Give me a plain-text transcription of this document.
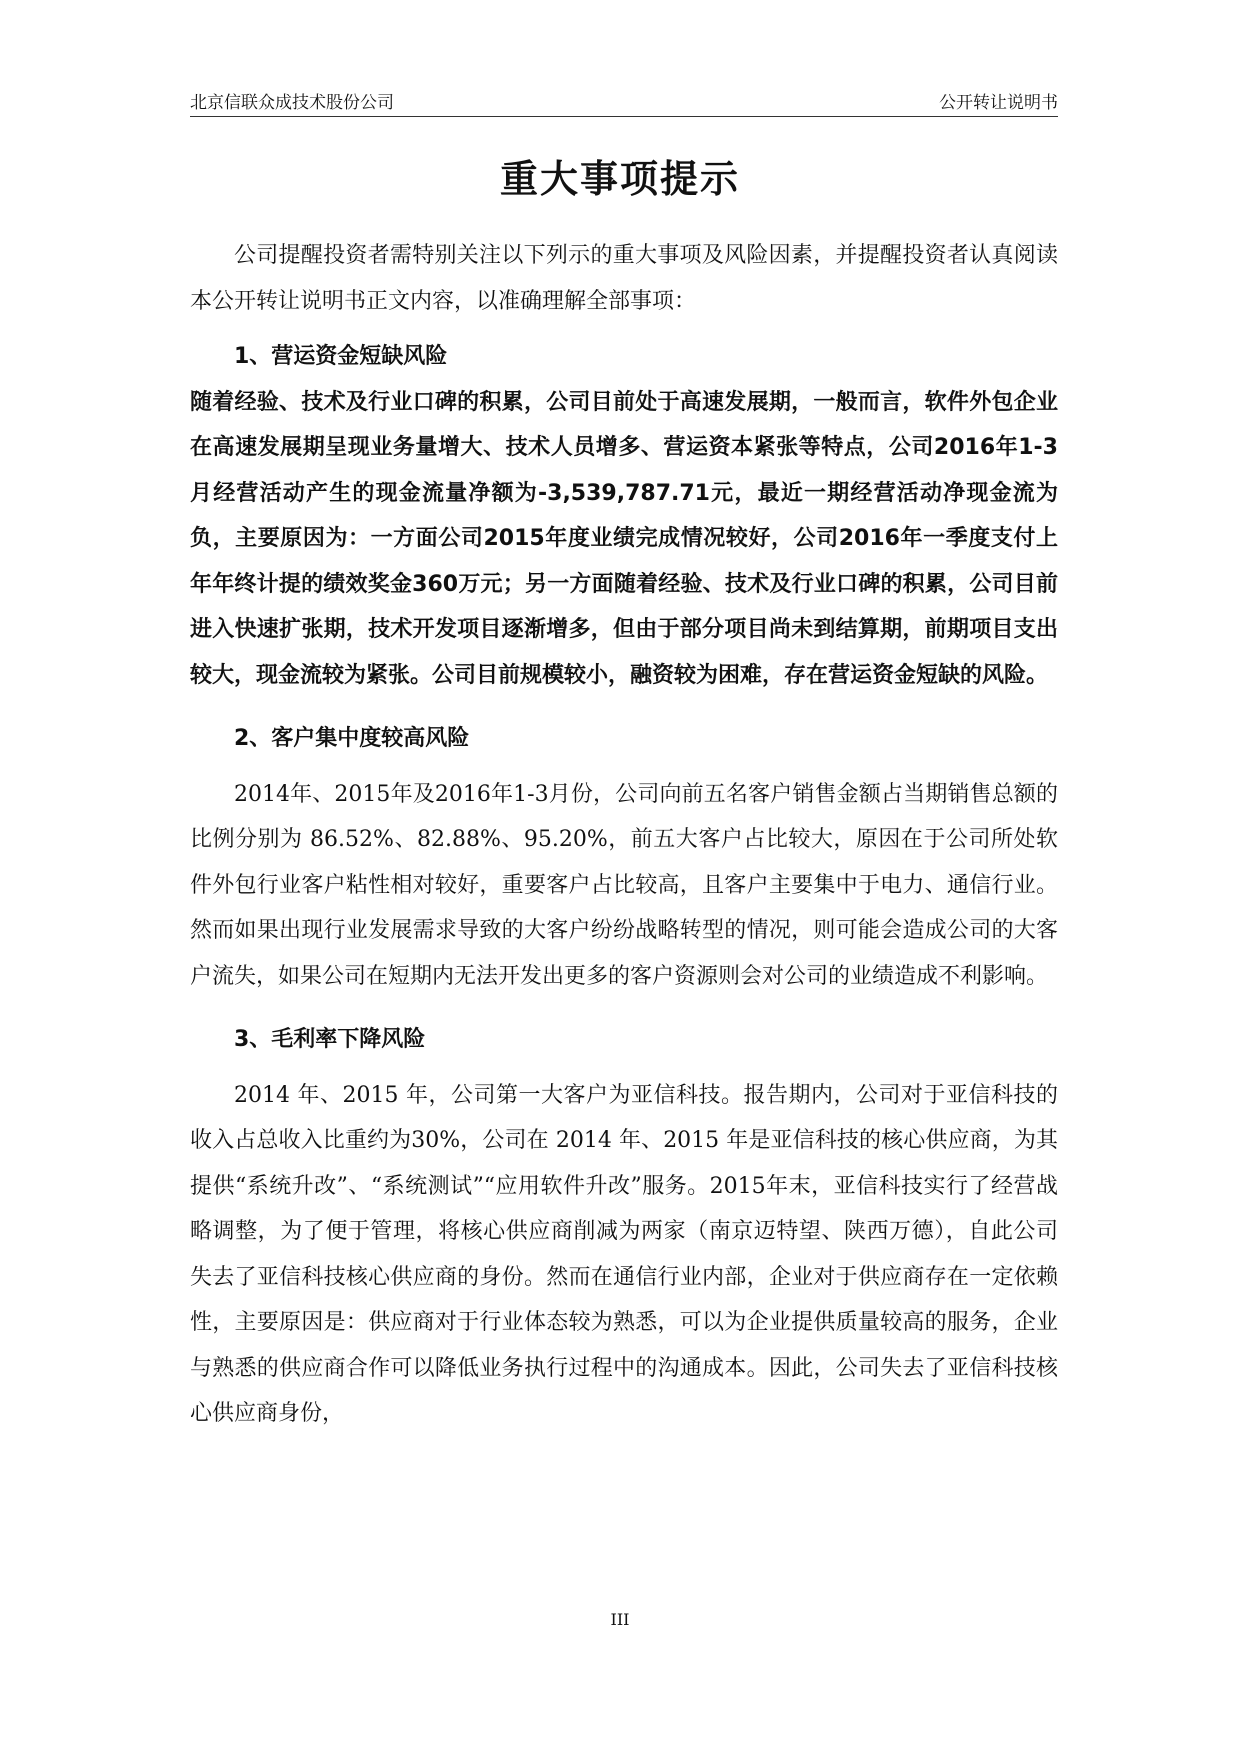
北京信联众成技术股份公司	公开转让说明书
重大事项提示

公司提醒投资者需特别关注以下列示的重大事项及风险因素，并提醒投资者认真阅读本公开转让说明书正文内容，以准确理解全部事项：

1、营运资金短缺风险

随着经验、技术及行业口碑的积累，公司目前处于高速发展期，一般而言，软件外包企业在高速发展期呈现业务量增大、技术人员增多、营运资本紧张等特点，公司2016年1-3月经营活动产生的现金流量净额为-3,539,787.71元，最近一期经营活动净现金流为负，主要原因为：一方面公司2015年度业绩完成情况较好，公司2016年一季度支付上年年终计提的绩效奖金360万元；另一方面随着经验、技术及行业口碑的积累，公司目前进入快速扩张期，技术开发项目逐渐增多，但由于部分项目尚未到结算期，前期项目支出较大，现金流较为紧张。公司目前规模较小，融资较为困难，存在营运资金短缺的风险。

2、客户集中度较高风险

2014年、2015年及2016年1-3月份，公司向前五名客户销售金额占当期销售总额的比例分别为 86.52%、82.88%、95.20%，前五大客户占比较大，原因在于公司所处软件外包行业客户粘性相对较好，重要客户占比较高，且客户主要集中于电力、通信行业。然而如果出现行业发展需求导致的大客户纷纷战略转型的情况，则可能会造成公司的大客户流失，如果公司在短期内无法开发出更多的客户资源则会对公司的业绩造成不利影响。

3、毛利率下降风险

2014 年、2015 年，公司第一大客户为亚信科技。报告期内，公司对于亚信科技的收入占总收入比重约为30%，公司在 2014 年、2015 年是亚信科技的核心供应商，为其提供“系统升改”、“系统测试”“应用软件升改”服务。2015年末，亚信科技实行了经营战略调整，为了便于管理，将核心供应商削减为两家（南京迈特望、陕西万德），自此公司失去了亚信科技核心供应商的身份。然而在通信行业内部，企业对于供应商存在一定依赖性，主要原因是：供应商对于行业体态较为熟悉，可以为企业提供质量较高的服务，企业与熟悉的供应商合作可以降低业务执行过程中的沟通成本。因此，公司失去了亚信科技核心供应商身份，

III
